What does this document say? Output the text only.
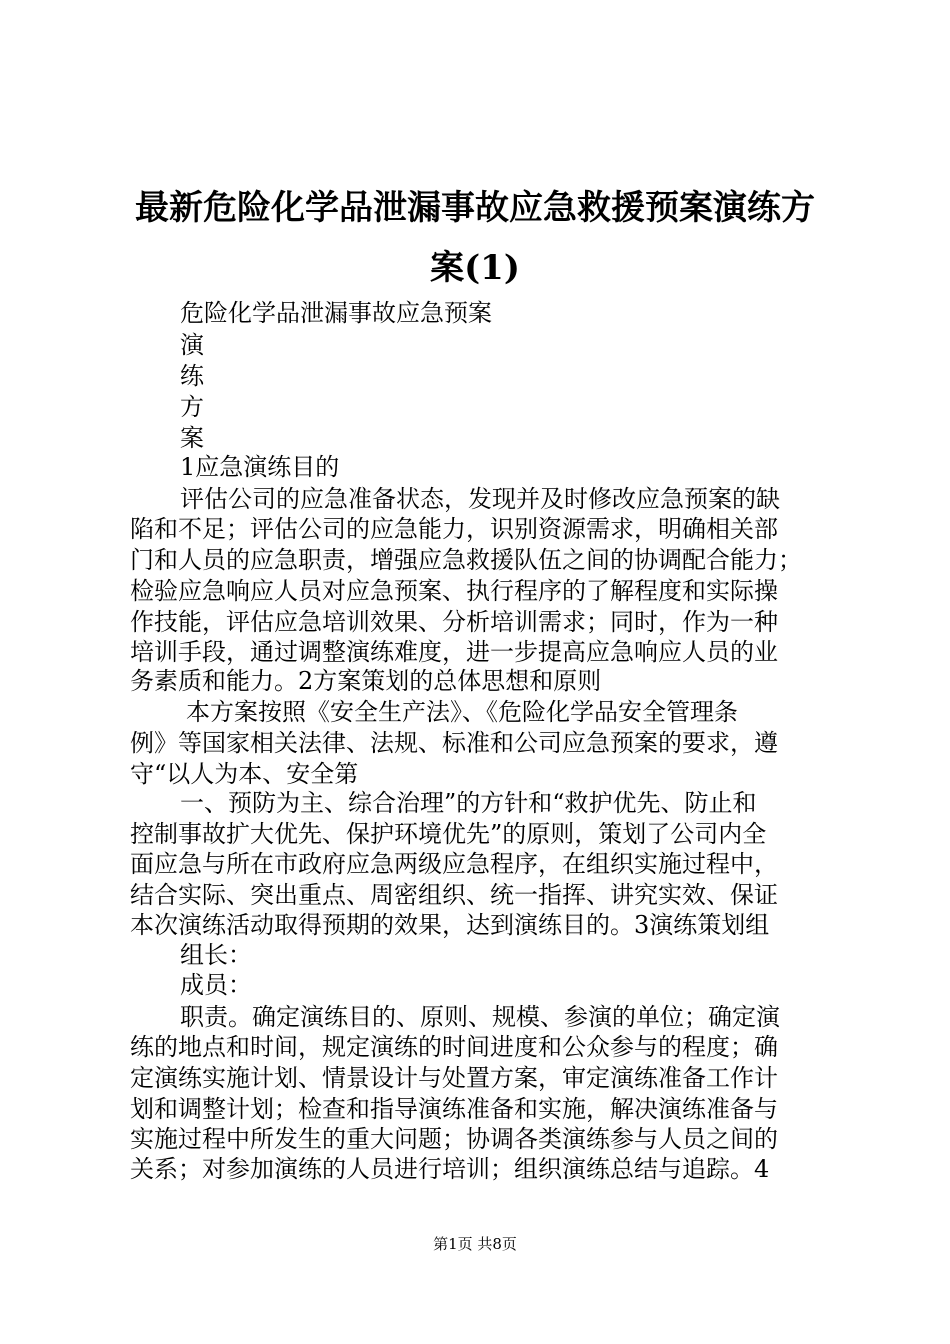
最新危险化学品泄漏事故应急救援预案演练方
案(1)
危险化学品泄漏事故应急预案
演
练
方
案
1应急演练目的
评估公司的应急准备状态，发现并及时修改应急预案的缺
陷和不足；评估公司的应急能力，识别资源需求，明确相关部
门和人员的应急职责，增强应急救援队伍之间的协调配合能力；
检验应急响应人员对应急预案、执行程序的了解程度和实际操
作技能，评估应急培训效果、分析培训需求；同时，作为一种
培训手段，通过调整演练难度，进一步提高应急响应人员的业
务素质和能力。2方案策划的总体思想和原则
本方案按照《安全生产法》、《危险化学品安全管理条
例》等国家相关法律、法规、标准和公司应急预案的要求，遵
守“以人为本、安全第
一、预防为主、综合治理”的方针和“救护优先、防止和
控制事故扩大优先、保护环境优先”的原则，策划了公司内全
面应急与所在市政府应急两级应急程序，在组织实施过程中，
结合实际、突出重点、周密组织、统一指挥、讲究实效、保证
本次演练活动取得预期的效果，达到演练目的。3演练策划组
组长：
成员：
职责。确定演练目的、原则、规模、参演的单位；确定演
练的地点和时间，规定演练的时间进度和公众参与的程度；确
定演练实施计划、情景设计与处置方案，审定演练准备工作计
划和调整计划；检查和指导演练准备和实施，解决演练准备与
实施过程中所发生的重大问题；协调各类演练参与人员之间的
关系；对参加演练的人员进行培训；组织演练总结与追踪。4
第1页 共8页
